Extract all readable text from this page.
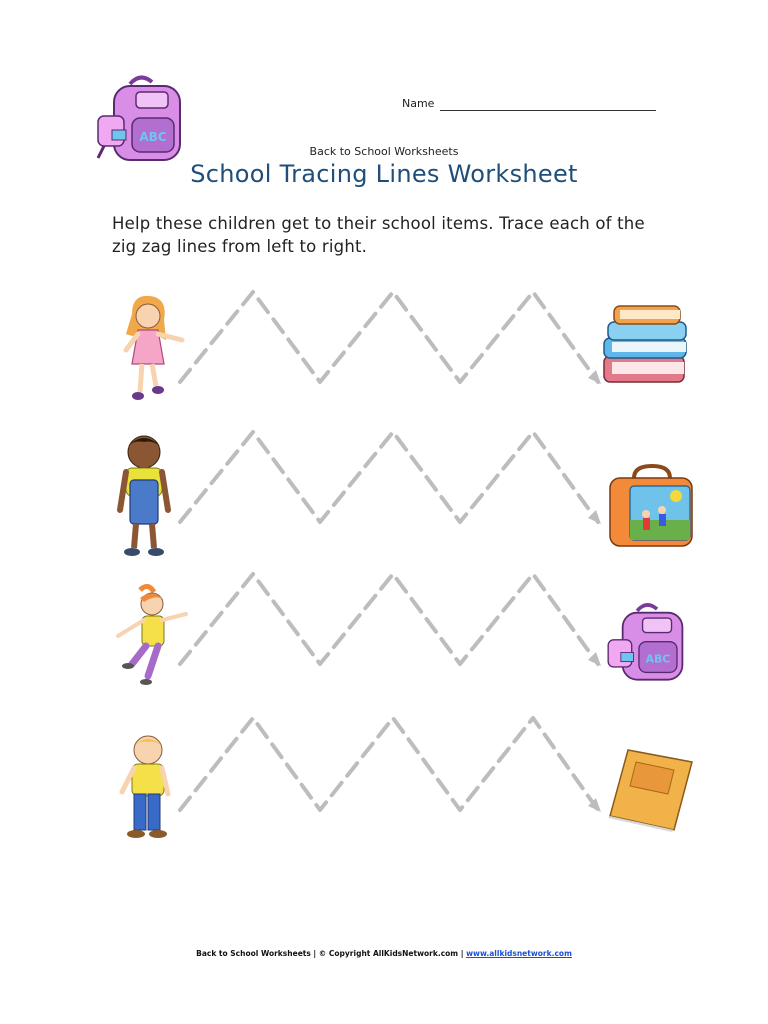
ABC
Name
Back to School Worksheets
School Tracing Lines Worksheet
Help these children get to their school items. Trace each of the zig zag lines from left to right.
ABC
Back to School Worksheets | © Copyright AllKidsNetwork.com | www.allkidsnetwork.com
